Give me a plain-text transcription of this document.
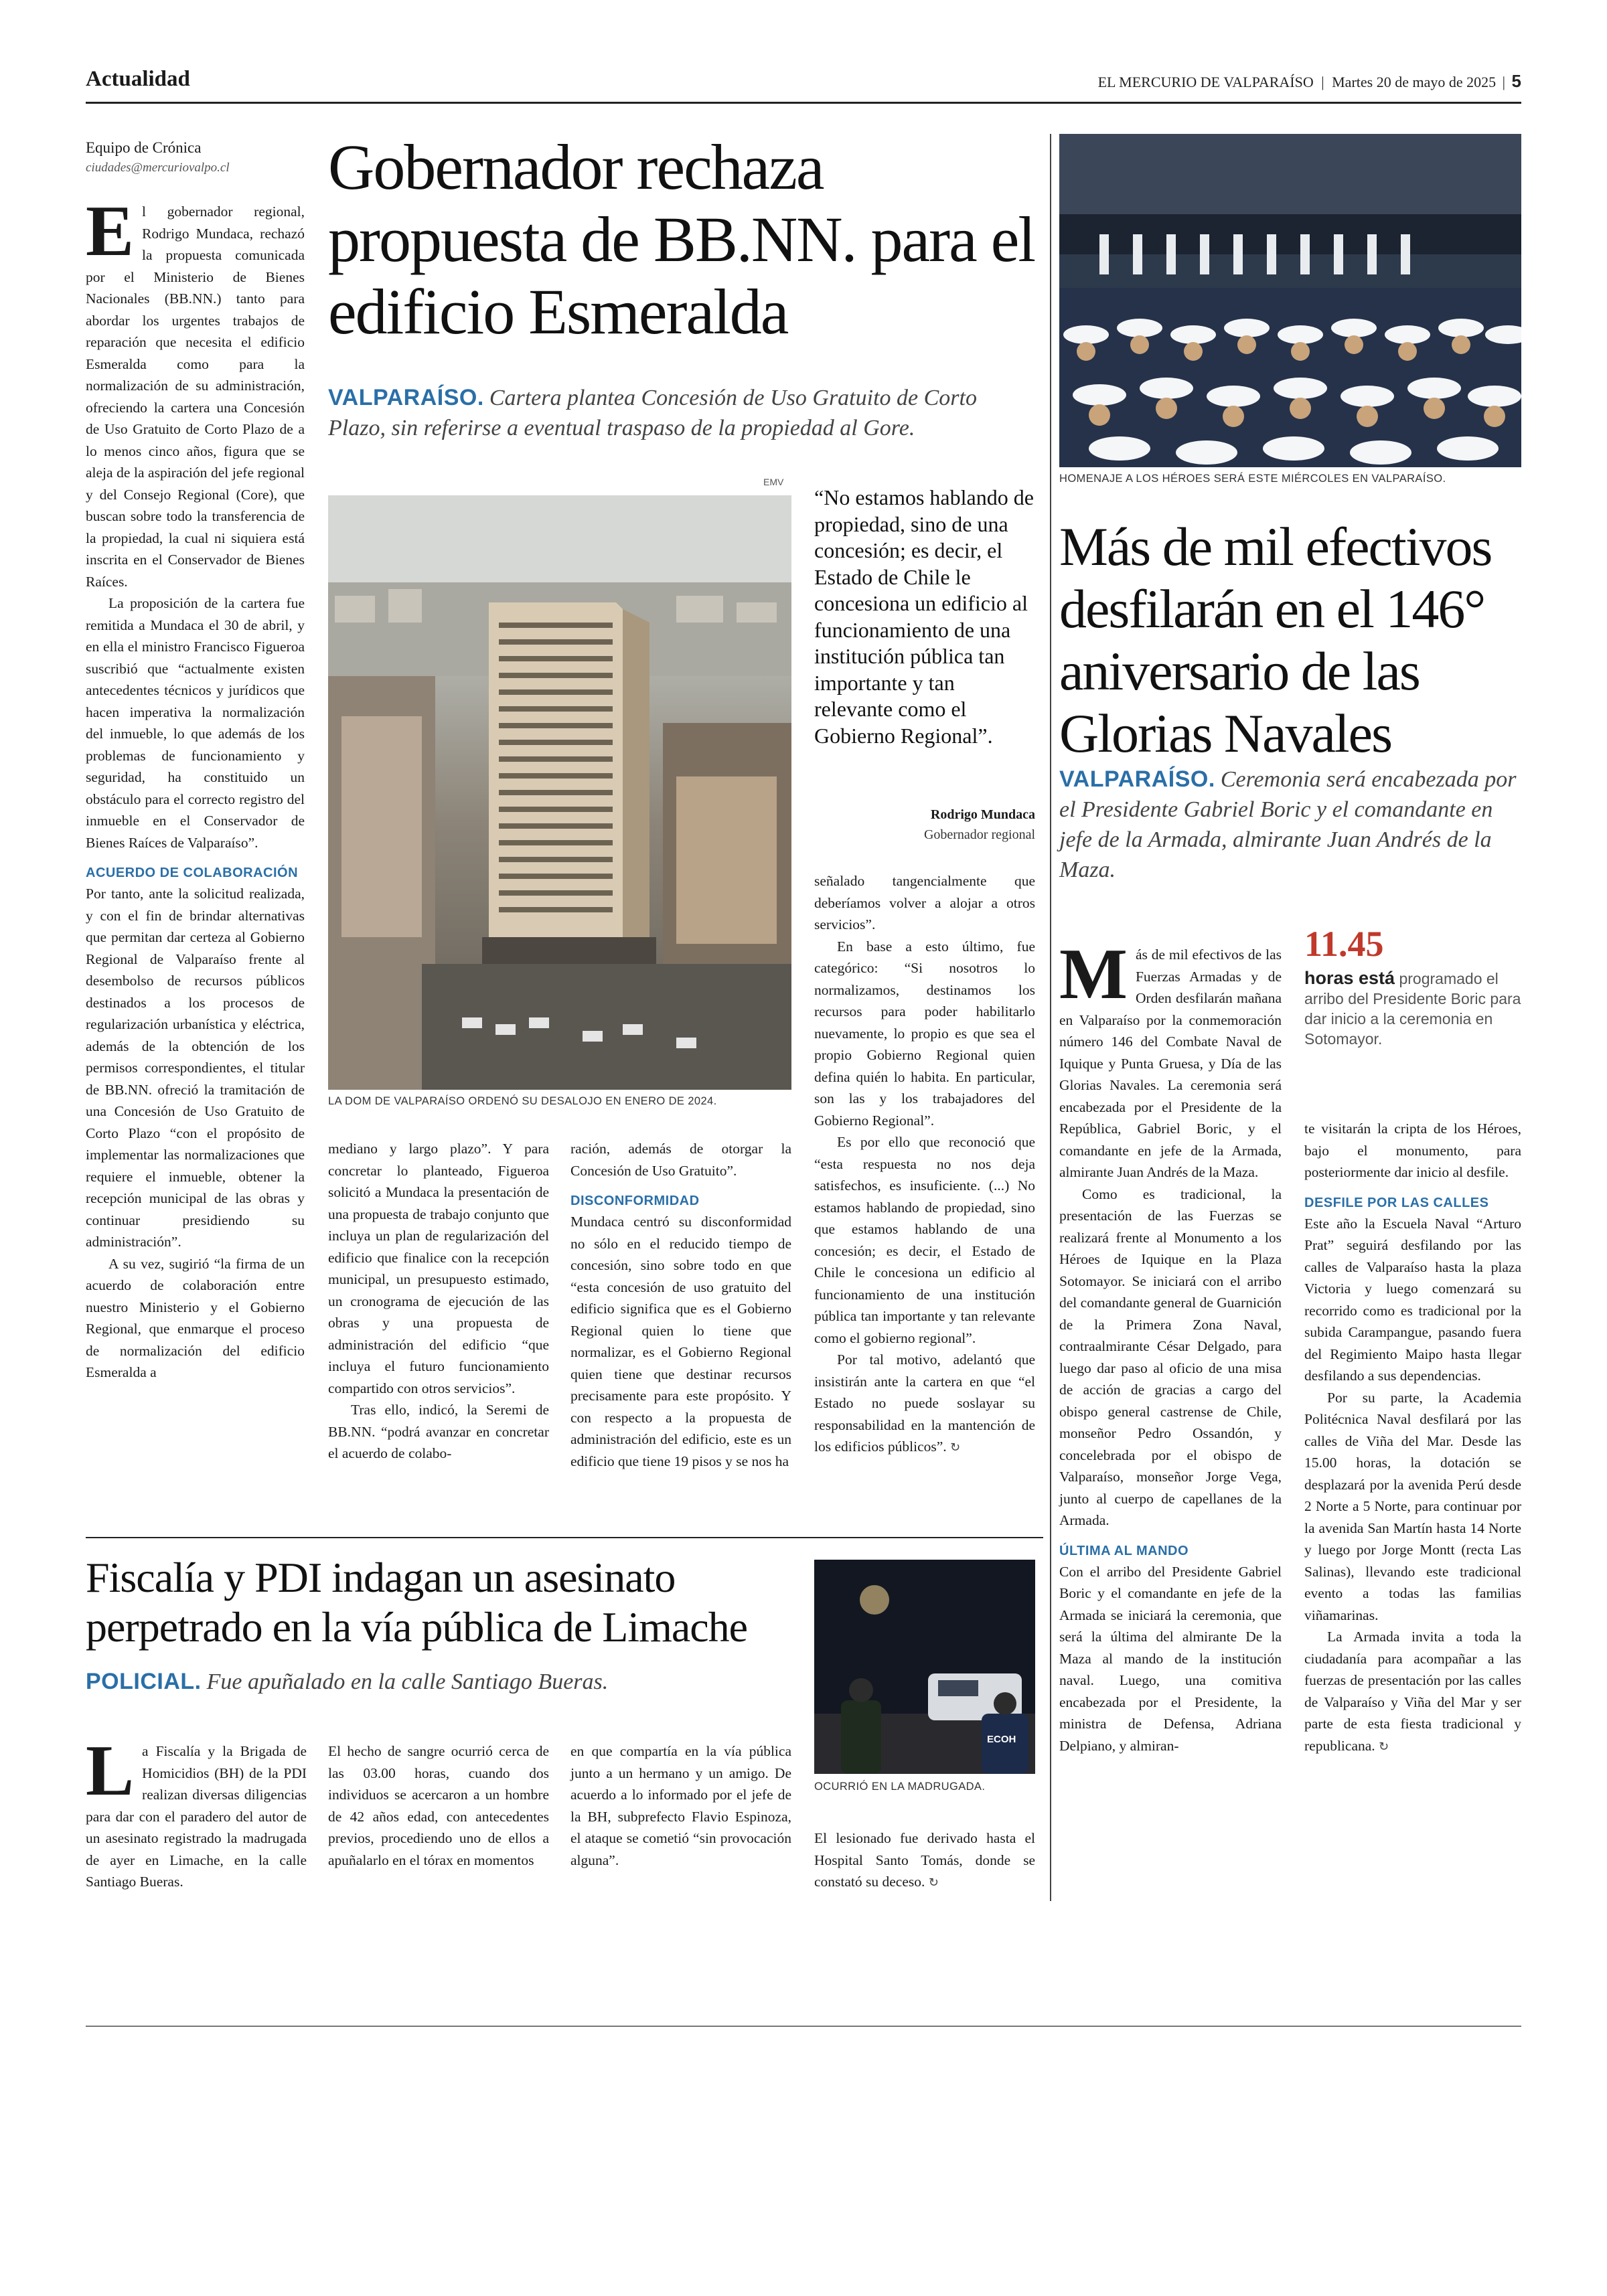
Actualidad	EL MERCURIO DE VALPARAÍSO | Martes 20 de mayo de 2025 | 5
Equipo de Crónica
ciudades@mercuriovalpo.cl Gobernador rechaza propuesta de BB.NN. para el edificio Esmeralda
VALPARAÍSO. Cartera plantea Concesión de Uso Gratuito de Corto Plazo, sin referirse a eventual traspaso de la propiedad al Gore.
EMV
LA DOM DE VALPARAÍSO ORDENÓ SU DESALOJO EN ENERO DE 2024.
“No estamos hablando de propiedad, sino de una concesión; es decir, el Estado de Chile le concesiona un edificio al funcionamiento de una institución pública tan importante y tan relevante como el Gobierno Regional”.
Rodrigo Mundaca
Gobernador regional

El gobernador regional, Rodrigo Mundaca, rechazó la propuesta comunicada por el Ministerio de Bienes Nacionales (BB.NN.) tanto para abordar los urgentes trabajos de reparación que necesita el edificio Esmeralda como para la normalización de su administración, ofreciendo la cartera una Concesión de Uso Gratuito de Corto Plazo de a lo menos cinco años, figura que se aleja de la aspiración del jefe regional y del Consejo Regional (Core), que buscan sobre todo la transferencia de la propiedad, la cual ni siquiera está inscrita en el Conservador de Bienes Raíces.

La proposición de la cartera fue remitida a Mundaca el 30 de abril, y en ella el ministro Francisco Figueroa suscribió que “actualmente existen antecedentes técnicos y jurídicos que hacen imperativa la normalización del inmueble, lo que además de los problemas de funcionamiento y seguridad, ha constituido un obstáculo para el correcto registro del inmueble en el Conservador de Bienes Raíces de Valparaíso”.

ACUERDO DE COLABORACIÓN

Por tanto, ante la solicitud realizada, y con el fin de brindar alternativas que permitan dar certeza al Gobierno Regional de Valparaíso frente al desembolso de recursos públicos destinados a los procesos de regularización urbanística y eléctrica, además de la obtención de los permisos correspondientes, el titular de BB.NN. ofreció la tramitación de una Concesión de Uso Gratuito de Corto Plazo “con el propósito de implementar las normalizaciones que requiere el inmueble, obtener la recepción municipal de las obras y continuar presidiendo su administración”.

A su vez, sugirió “la firma de un acuerdo de colaboración entre nuestro Ministerio y el Gobierno Regional, que enmarque el proceso de normalización del edificio Esmeralda a

mediano y largo plazo”. Y para concretar lo planteado, Figueroa solicitó a Mundaca la presentación de una propuesta de trabajo conjunto que incluya un plan de regularización del edificio que finalice con la recepción municipal, un presupuesto estimado, un cronograma de ejecución de las obras y una propuesta de administración del edificio “que incluya el futuro funcionamiento compartido con otros servicios”.

Tras ello, indicó, la Seremi de BB.NN. “podrá avanzar en concretar el acuerdo de colabo-

ración, además de otorgar la Concesión de Uso Gratuito”.

DISCONFORMIDAD

Mundaca centró su disconformidad no sólo en el reducido tiempo de concesión, sino sobre todo en que “esta concesión de uso gratuito del edificio significa que es el Gobierno Regional quien lo tiene que normalizar, es el Gobierno Regional quien tiene que destinar recursos precisamente para este propósito. Y con respecto a la propuesta de administración del edificio, este es un edificio que tiene 19 pisos y se nos ha

señalado tangencialmente que deberíamos volver a alojar a otros servicios”.

En base a esto último, fue categórico: “Si nosotros lo normalizamos, destinamos los recursos para poder habilitarlo nuevamente, lo propio es que sea el propio Gobierno Regional quien defina quién lo habita. En particular, son las y los trabajadores del Gobierno Regional”.

Es por ello que reconoció que “esta respuesta no nos deja satisfechos, es insuficiente. (...) No estamos hablando de propiedad, sino que estamos hablando de una concesión; es decir, el Estado de Chile le concesiona un edificio al funcionamiento de una institución pública tan importante y tan relevante como el gobierno regional”.

Por tal motivo, adelantó que insistirán ante la cartera en que “el Estado no puede soslayar su responsabilidad en la mantención de los edificios públicos”. ↻

HOMENAJE A LOS HÉROES SERÁ ESTE MIÉRCOLES EN VALPARAÍSO.
Más de mil efectivos desfilarán en el 146° aniversario de las Glorias Navales
VALPARAÍSO. Ceremonia será encabezada por el Presidente Gabriel Boric y el comandante en jefe de la Armada, almirante Juan Andrés de la Maza.
11.45
horas está programado el arribo del Presidente Boric para dar inicio a la ceremonia en Sotomayor.

Más de mil efectivos de las Fuerzas Armadas y de Orden desfilarán mañana en Valparaíso por la conmemoración número 146 del Combate Naval de Iquique y Punta Gruesa, y Día de las Glorias Navales. La ceremonia será encabezada por el Presidente de la República, Gabriel Boric, y el comandante en jefe de la Armada, almirante Juan Andrés de la Maza.

Como es tradicional, la presentación de las Fuerzas se realizará frente al Monumento a los Héroes de Iquique en la Plaza Sotomayor. Se iniciará con el arribo del comandante general de Guarnición de la Primera Zona Naval, contraalmirante César Delgado, para luego dar paso al oficio de una misa de acción de gracias a cargo del obispo general castrense de Chile, monseñor Pedro Ossandón, y concelebrada por el obispo de Valparaíso, monseñor Jorge Vega, junto al cuerpo de capellanes de la Armada.

ÚLTIMA AL MANDO

Con el arribo del Presidente Gabriel Boric y el comandante en jefe de la Armada se iniciará la ceremonia, que será la última del almirante De la Maza al mando de la institución naval. Luego, una comitiva encabezada por el Presidente, la ministra de Defensa, Adriana Delpiano, y almiran-

te visitarán la cripta de los Héroes, bajo el monumento, para posteriormente dar inicio al desfile.

DESFILE POR LAS CALLES

Este año la Escuela Naval “Arturo Prat” seguirá desfilando por las calles de Valparaíso hasta la plaza Victoria y luego comenzará su recorrido como es tradicional por la subida Carampangue, pasando fuera del Regimiento Maipo hasta llegar desfilando a sus dependencias.

Por su parte, la Academia Politécnica Naval desfilará por las calles de Viña del Mar. Desde las 15.00 horas, la dotación se desplazará por la avenida Perú desde 2 Norte a 5 Norte, para continuar por la avenida San Martín hasta 14 Norte y luego por Jorge Montt (recta Las Salinas), llevando este tradicional evento a todas las familias viñamarinas.

La Armada invita a toda la ciudadanía para acompañar a las fuerzas de presentación por las calles de Valparaíso y Viña del Mar y ser parte de esta fiesta tradicional y republicana. ↻

Fiscalía y PDI indagan un asesinato perpetrado en la vía pública de Limache
POLICIAL. Fue apuñalado en la calle Santiago Bueras.
ECOH
OCURRIÓ EN LA MADRUGADA.

La Fiscalía y la Brigada de Homicidios (BH) de la PDI realizan diversas diligencias para dar con el paradero del autor de un asesinato registrado la madrugada de ayer en Limache, en la calle Santiago Bueras.

El hecho de sangre ocurrió cerca de las 03.00 horas, cuando dos individuos se acercaron a un hombre de 42 años edad, con antecedentes previos, procediendo uno de ellos a apuñalarlo en el tórax en momentos

en que compartía en la vía pública junto a un hermano y un amigo. De acuerdo a lo informado por el jefe de la BH, subprefecto Flavio Espinoza, el ataque se cometió “sin provocación alguna”.

El lesionado fue derivado hasta el Hospital Santo Tomás, donde se constató su deceso. ↻
